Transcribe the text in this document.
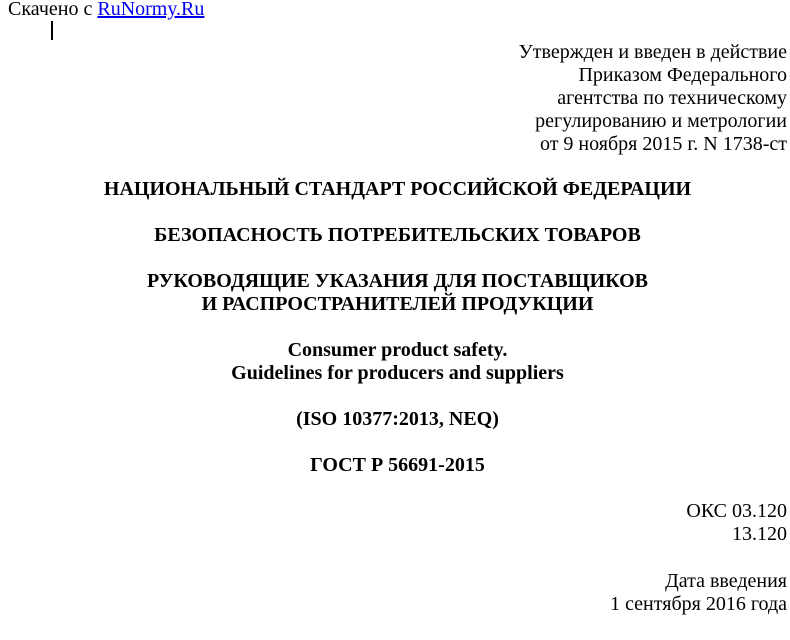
Скачено с RuNormy.Ru
Утвержден и введен в действие
Приказом Федерального
агентства по техническому
регулированию и метрологии
от 9 ноября 2015 г. N 1738-ст
НАЦИОНАЛЬНЫЙ СТАНДАРТ РОССИЙСКОЙ ФЕДЕРАЦИИ
БЕЗОПАСНОСТЬ ПОТРЕБИТЕЛЬСКИХ ТОВАРОВ
РУКОВОДЯЩИЕ УКАЗАНИЯ ДЛЯ ПОСТАВЩИКОВ
И РАСПРОСТРАНИТЕЛЕЙ ПРОДУКЦИИ
Consumer product safety.
Guidelines for producers and suppliers
(ISO 10377:2013, NEQ)
ГОСТ Р 56691-2015
ОКС 03.120
13.120
Дата введения
1 сентября 2016 года
